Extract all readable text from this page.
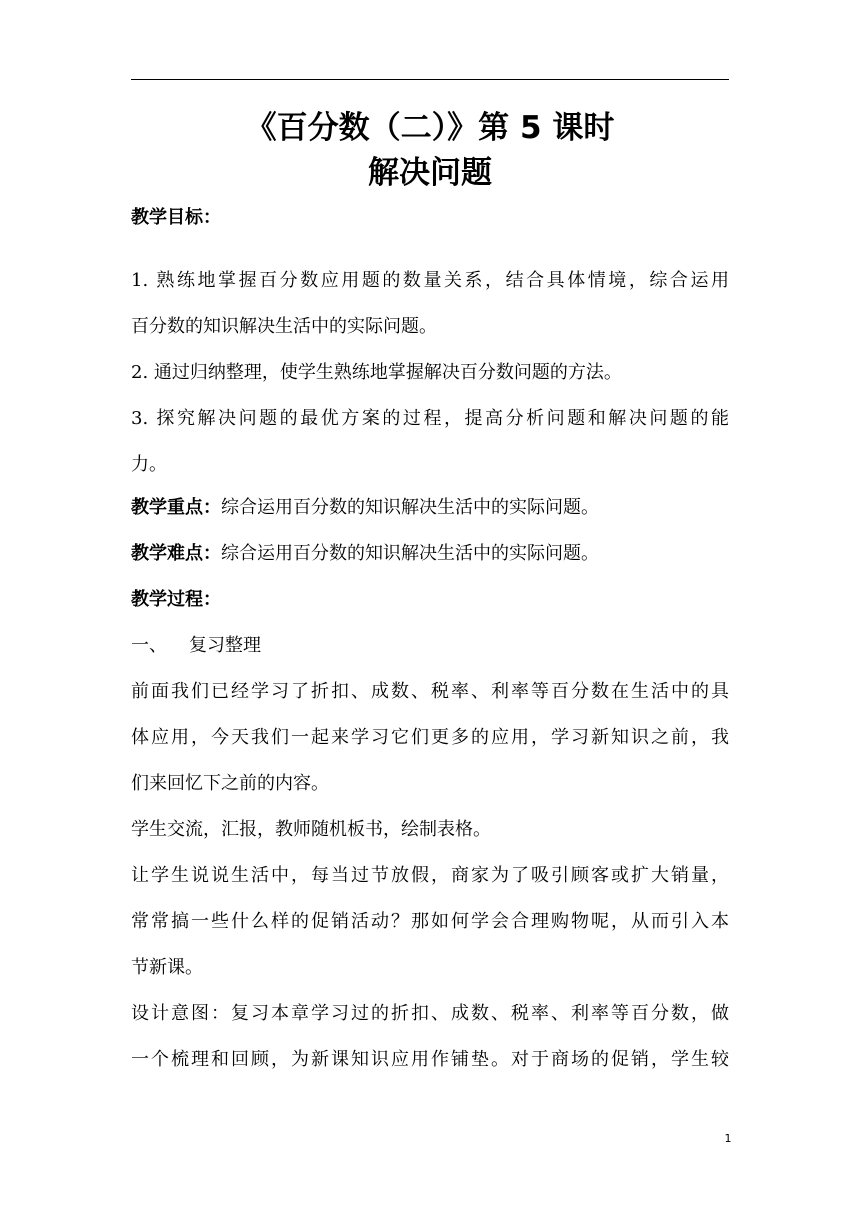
《百分数（二）》第 5 课时
解决问题
教学目标：
1. 熟练地掌握百分数应用题的数量关系，结合具体情境，综合运用
百分数的知识解决生活中的实际问题。
2. 通过归纳整理，使学生熟练地掌握解决百分数问题的方法。
3. 探究解决问题的最优方案的过程，提高分析问题和解决问题的能
力。
教学重点：综合运用百分数的知识解决生活中的实际问题。
教学难点：综合运用百分数的知识解决生活中的实际问题。
教学过程：
一、 复习整理
前面我们已经学习了折扣、成数、税率、利率等百分数在生活中的具
体应用，今天我们一起来学习它们更多的应用，学习新知识之前，我
们来回忆下之前的内容。
学生交流，汇报，教师随机板书，绘制表格。
让学生说说生活中，每当过节放假，商家为了吸引顾客或扩大销量，
常常搞一些什么样的促销活动？那如何学会合理购物呢，从而引入本
节新课。
设计意图：复习本章学习过的折扣、成数、税率、利率等百分数，做
一个梳理和回顾，为新课知识应用作铺垫。对于商场的促销，学生较
1
